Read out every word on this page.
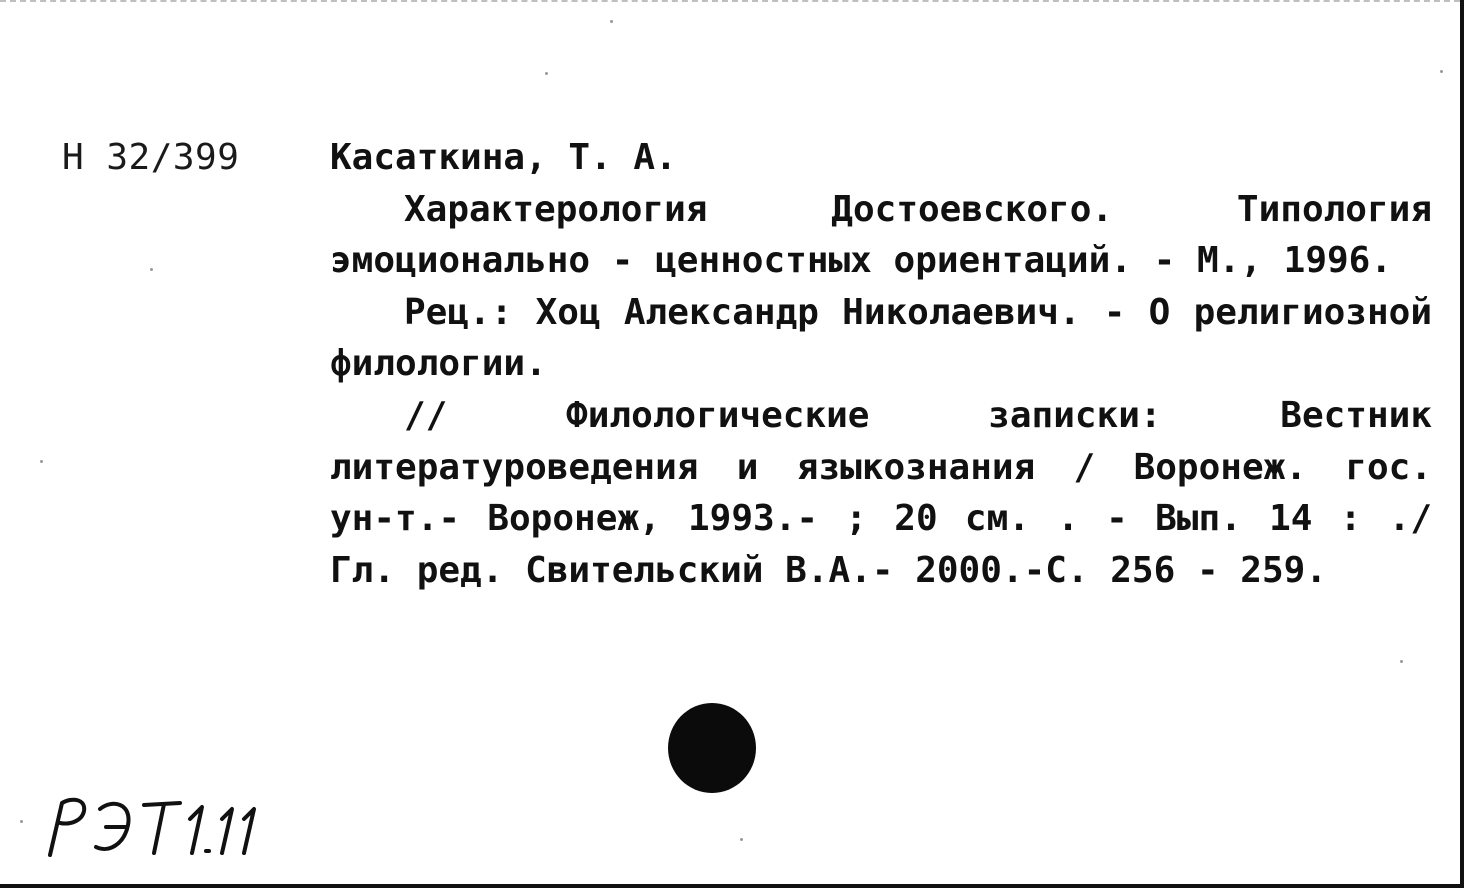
Н 32/399	Касаткина, Т. А.

Характерология Достоевского. Типология эмоционально - ценностных ориентаций. - М., 1996.

Рец.: Хоц Александр Николаевич. - О религиозной филологии.

// Филологические записки: Вестник литературоведения и языкознания / Воронеж. гос. ун-т.- Воронеж, 1993.- ; 20 см. . - Вып. 14 : ./ Гл. ред. Свительский В.А.- 2000.-С. 256 - 259.
